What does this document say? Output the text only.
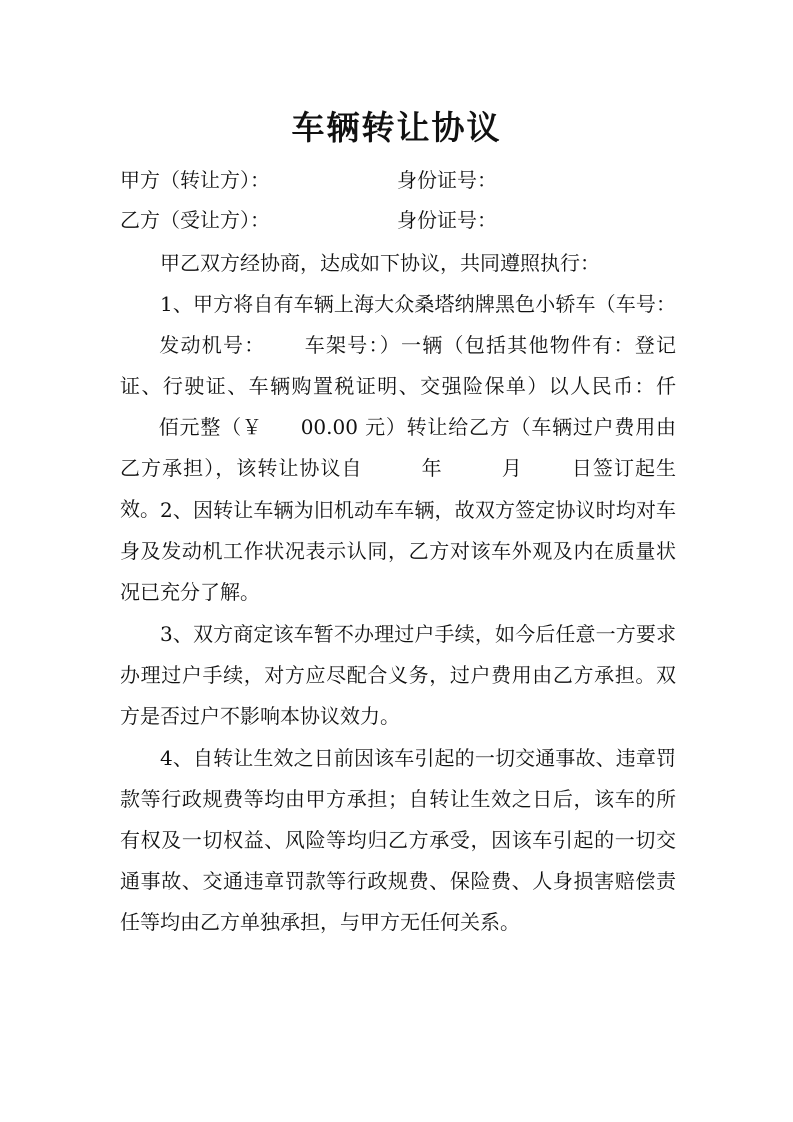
车辆转让协议
甲方（转让方）：	身份证号：
乙方（受让方）：	身份证号：

甲乙双方经协商，达成如下协议，共同遵照执行：

1、甲方将自有车辆上海大众桑塔纳牌黑色小轿车（车号：发动机号： 车架号：）一辆（包括其他物件有：登记证、行驶证、车辆购置税证明、交强险保单）以人民币：仟佰元整（￥ 00.00 元）转让给乙方（车辆过户费用由乙方承担），该转让协议自	年	月 日签订起生效。 2、因转让车辆为旧机动车车辆，故双方签定协议时均对车身及发动机工作状况表示认同，乙方对该车外观及内在质量状况已充分了解。

3、双方商定该车暂不办理过户手续，如今后任意一方要求办理过户手续，对方应尽配合义务，过户费用由乙方承担。双方是否过户不影响本协议效力。

4、自转让生效之日前因该车引起的一切交通事故、违章罚款等行政规费等均由甲方承担；自转让生效之日后，该车的所有权及一切权益、风险等均归乙方承受，因该车引起的一切交通事故、交通违章罚款等行政规费、保险费、人身损害赔偿责任等均由乙方单独承担，与甲方无任何关系。
